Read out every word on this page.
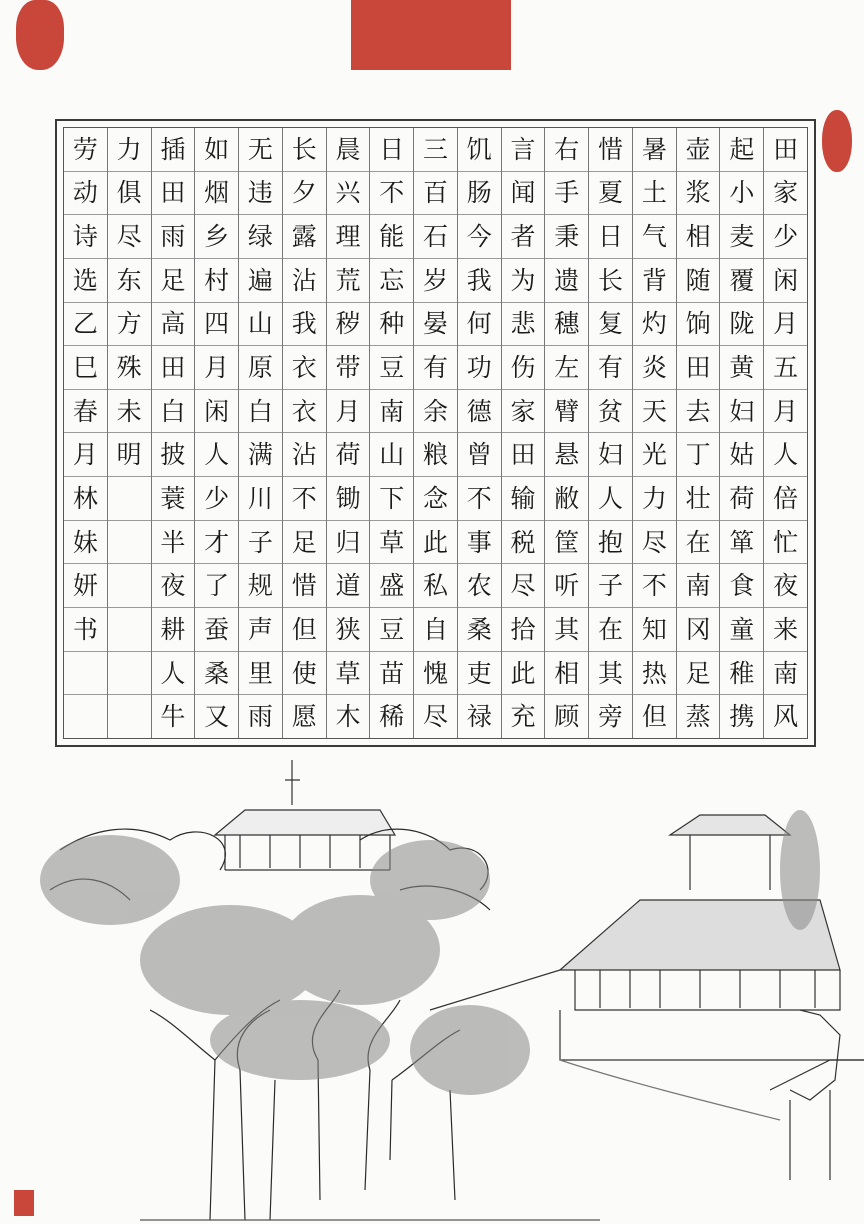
田
家
少
闲
月
五
月
人
倍
忙
夜
来
南
风
起
小
麦
覆
陇
黄
妇
姑
荷
箪
食
童
稚
携
壶
浆
相
随
饷
田
去
丁
壮
在
南
冈
足
蒸
暑
土
气
背
灼
炎
天
光
力
尽
不
知
热
但
惜
夏
日
长
复
有
贫
妇
人
抱
子
在
其
旁
右
手
秉
遗
穗
左
臂
悬
敝
筐
听
其
相
顾
言
闻
者
为
悲
伤
家
田
输
税
尽
拾
此
充
饥
肠
今
我
何
功
德
曾
不
事
农
桑
吏
禄
三
百
石
岁
晏
有
余
粮
念
此
私
自
愧
尽
日
不
能
忘
种
豆
南
山
下
草
盛
豆
苗
稀
晨
兴
理
荒
秽
带
月
荷
锄
归
道
狭
草
木
长
夕
露
沾
我
衣
衣
沾
不
足
惜
但
使
愿
无
违
绿
遍
山
原
白
满
川
子
规
声
里
雨
如
烟
乡
村
四
月
闲
人
少
才
了
蚕
桑
又
插
田
雨
足
高
田
白
披
蓑
半
夜
耕
人
牛
力
俱
尽
东
方
殊
未
明
劳
动
诗
选
乙
巳
春
月
林
妹
妍
书
